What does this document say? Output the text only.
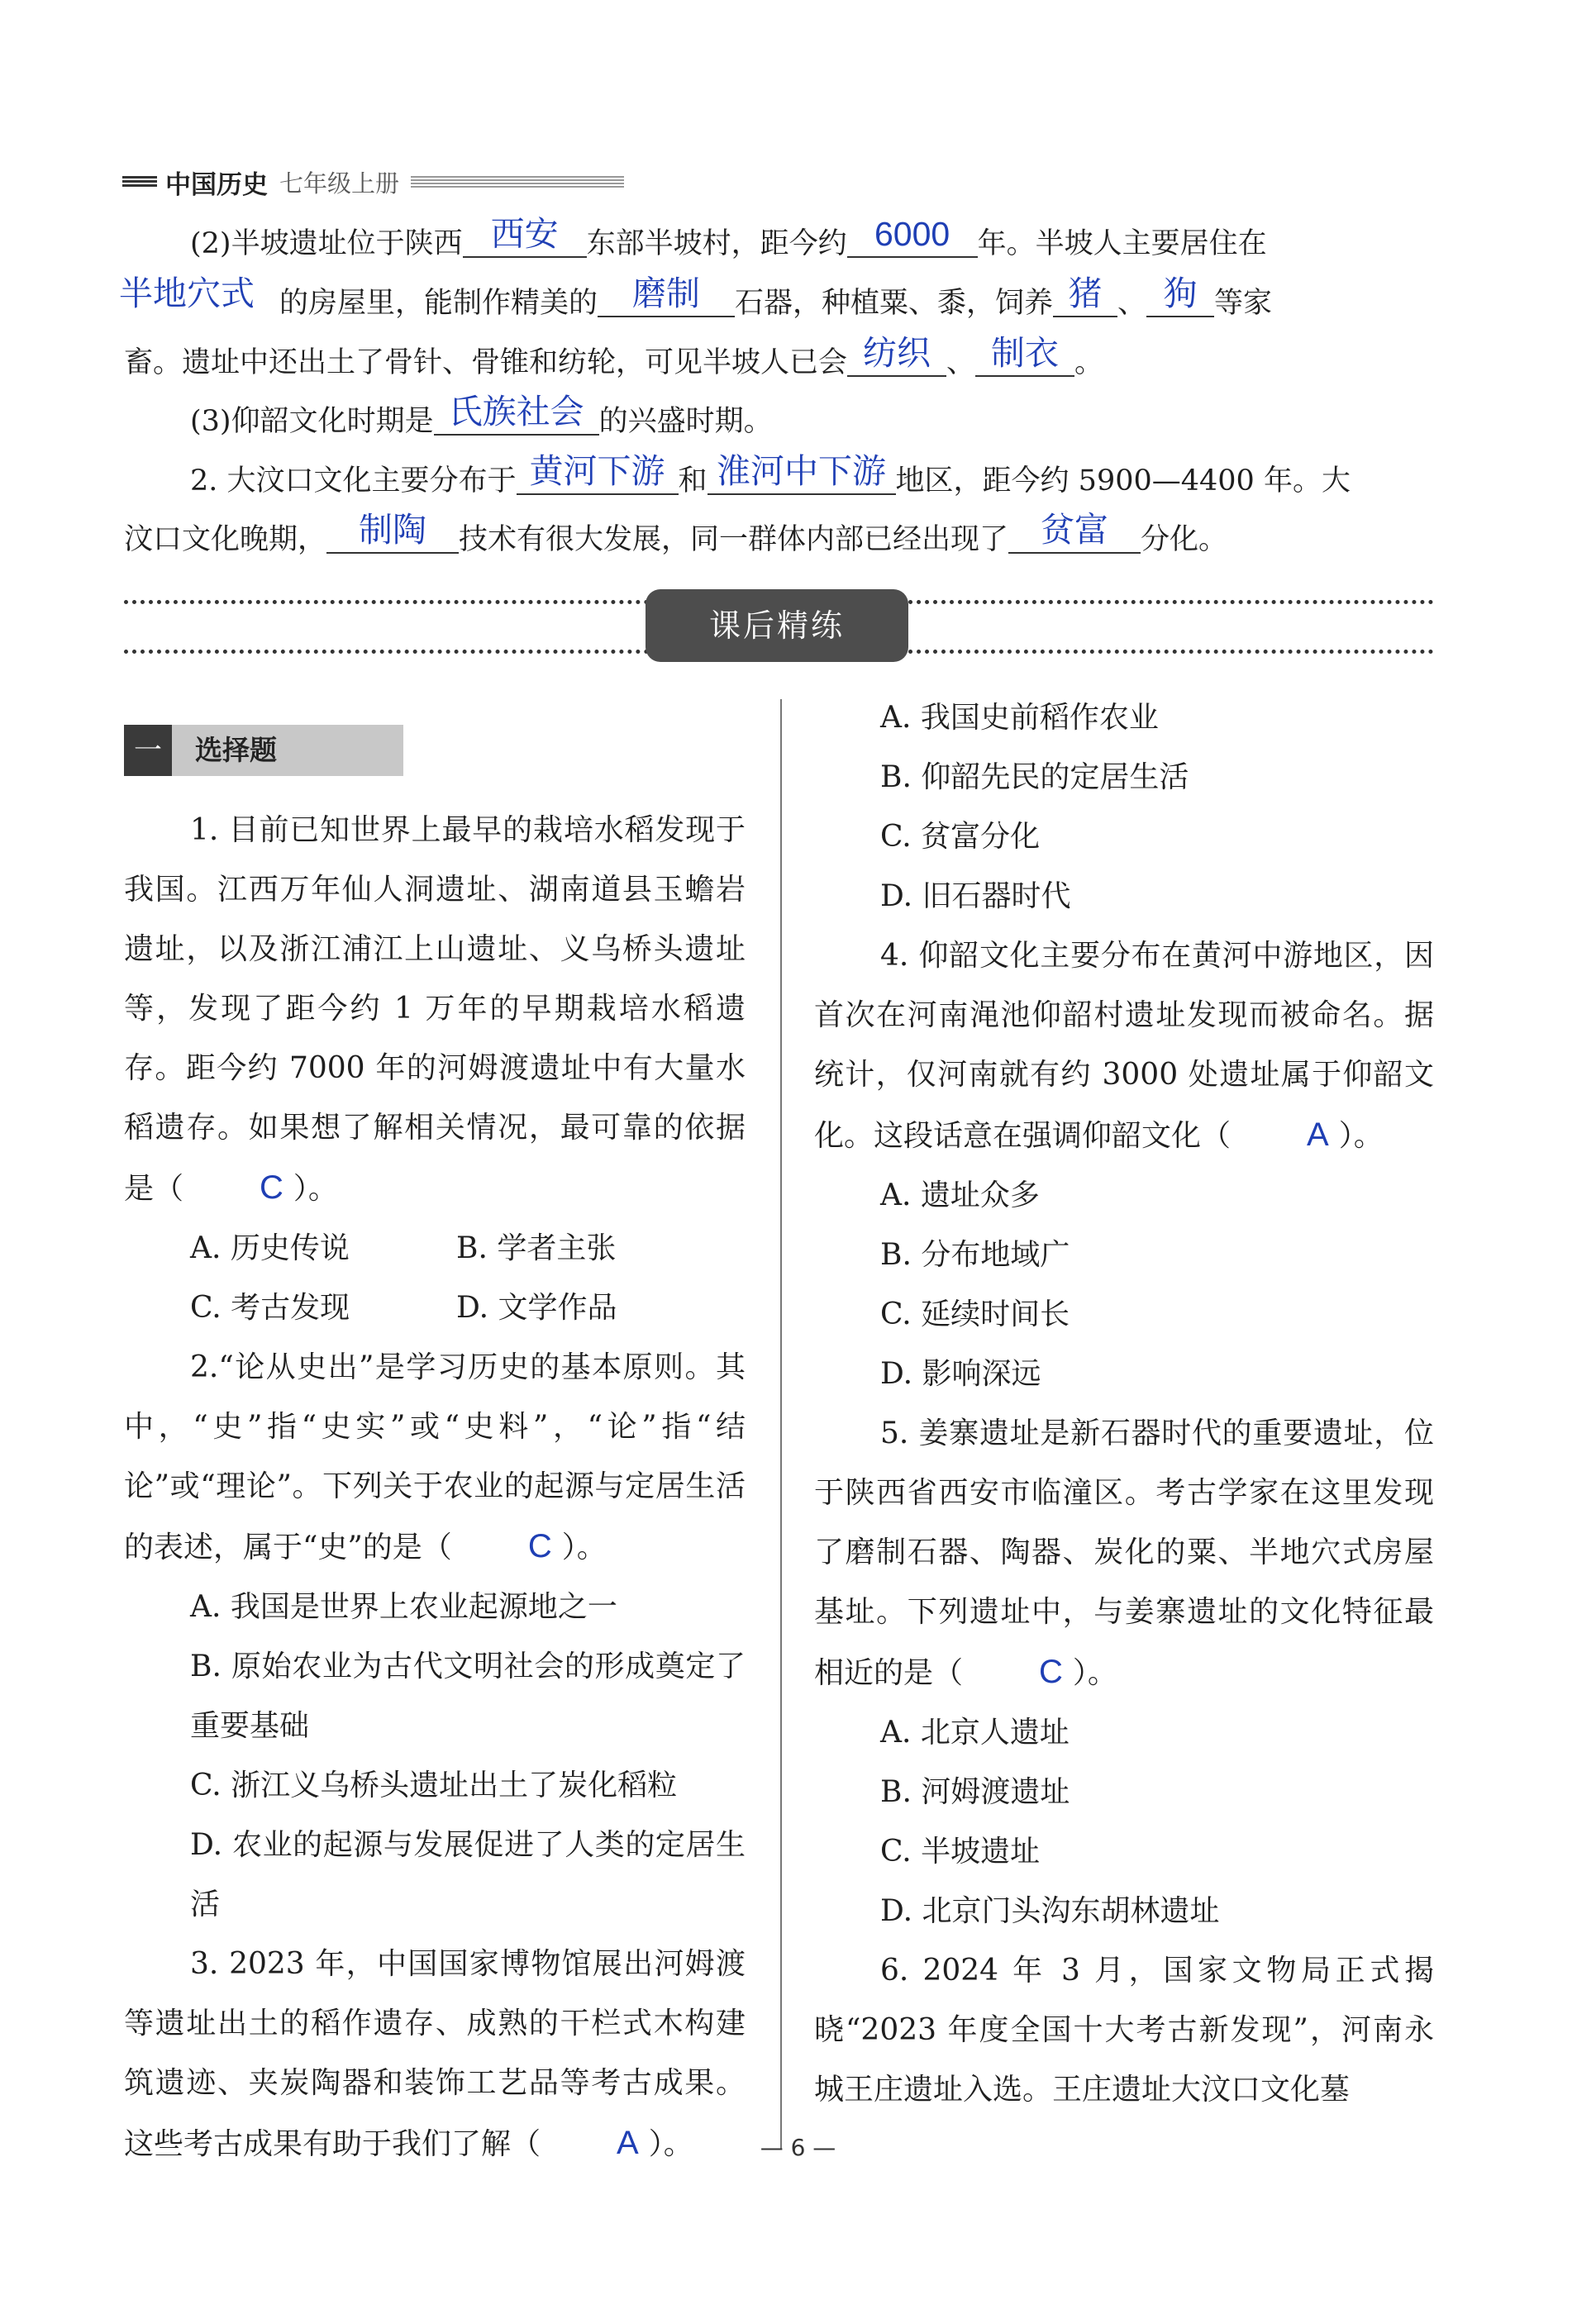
中国历史 七年级上册
(2)半坡遗址位于陕西 西安 东部半坡村，距今约 6000 年。半坡人主要居住在
半地穴式 的房屋里，能制作精美的	磨制	石器，种植粟、黍，饲养 猪 、 狗 等家
畜。遗址中还出土了骨针、骨锥和纺轮，可见半坡人已会 纺织 、 制衣 。
(3)仰韶文化时期是 氏族社会 的兴盛时期。
2. 大汶口文化主要分布于 黄河下游 和 淮河中下游 地区，距今约 5900—4400 年。大
汶口文化晚期， 制陶	技术有很大发展，同一群体内部已经出现了 贫富	分化。
课后精练
一	选择题

1. 目前已知世界上最早的栽培水稻发现于我国。江西万年仙人洞遗址、湖南道县玉蟾岩遗址，以及浙江浦江上山遗址、义乌桥头遗址等，发现了距今约 1 万年的早期栽培水稻遗存。距今约 7000 年的河姆渡遗址中有大量水稻遗存。如果想了解相关情况，最可靠的依据是（ C ）。

A. 历史传说	B. 学者主张

C. 考古发现	D. 文学作品

2.“论从史出”是学习历史的基本原则。其中，“史”指“史实”或“史料”，“论”指“结论”或“理论”。下列关于农业的起源与定居生活的表述，属于“史”的是（ C ）。

A. 我国是世界上农业起源地之一

B. 原始农业为古代文明社会的形成奠定了重要基础

C. 浙江义乌桥头遗址出土了炭化稻粒

D. 农业的起源与发展促进了人类的定居生活

3. 2023 年，中国国家博物馆展出河姆渡等遗址出土的稻作遗存、成熟的干栏式木构建筑遗迹、夹炭陶器和装饰工艺品等考古成果。这些考古成果有助于我们了解（ A ）。

A. 我国史前稻作农业

B. 仰韶先民的定居生活

C. 贫富分化

D. 旧石器时代

4. 仰韶文化主要分布在黄河中游地区，因首次在河南渑池仰韶村遗址发现而被命名。据统计，仅河南就有约 3000 处遗址属于仰韶文化。这段话意在强调仰韶文化（ A ）。

A. 遗址众多

B. 分布地域广

C. 延续时间长

D. 影响深远

5. 姜寨遗址是新石器时代的重要遗址，位于陕西省西安市临潼区。考古学家在这里发现了磨制石器、陶器、炭化的粟、半地穴式房屋基址。下列遗址中，与姜寨遗址的文化特征最相近的是（ C ）。

A. 北京人遗址

B. 河姆渡遗址

C. 半坡遗址

D. 北京门头沟东胡林遗址

6. 2024 年 3 月，国家文物局正式揭晓“2023 年度全国十大考古新发现”，河南永城王庄遗址入选。王庄遗址大汶口文化墓

— 6 —
